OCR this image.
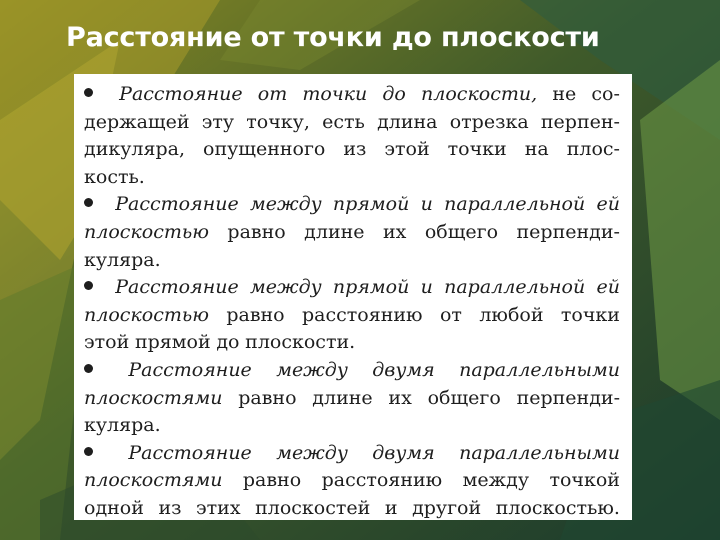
Расстояние от точки до плоскости
Расстояние от точки до плоскости, не со-
держащей эту точку, есть длина отрезка перпен-
дикуляра, опущенного из этой точки на плос-
кость.
Расстояние между прямой и параллельной ей
плоскостью равно длине их общего перпенди-
куляра.
Расстояние между прямой и параллельной ей
плоскостью равно расстоянию от любой точки
этой прямой до плоскости.
Расстояние между двумя параллельными
плоскостями равно длине их общего перпенди-
куляра.
Расстояние между двумя параллельными
плоскостями равно расстоянию между точкой
одной из этих плоскостей и другой плоскостью.
